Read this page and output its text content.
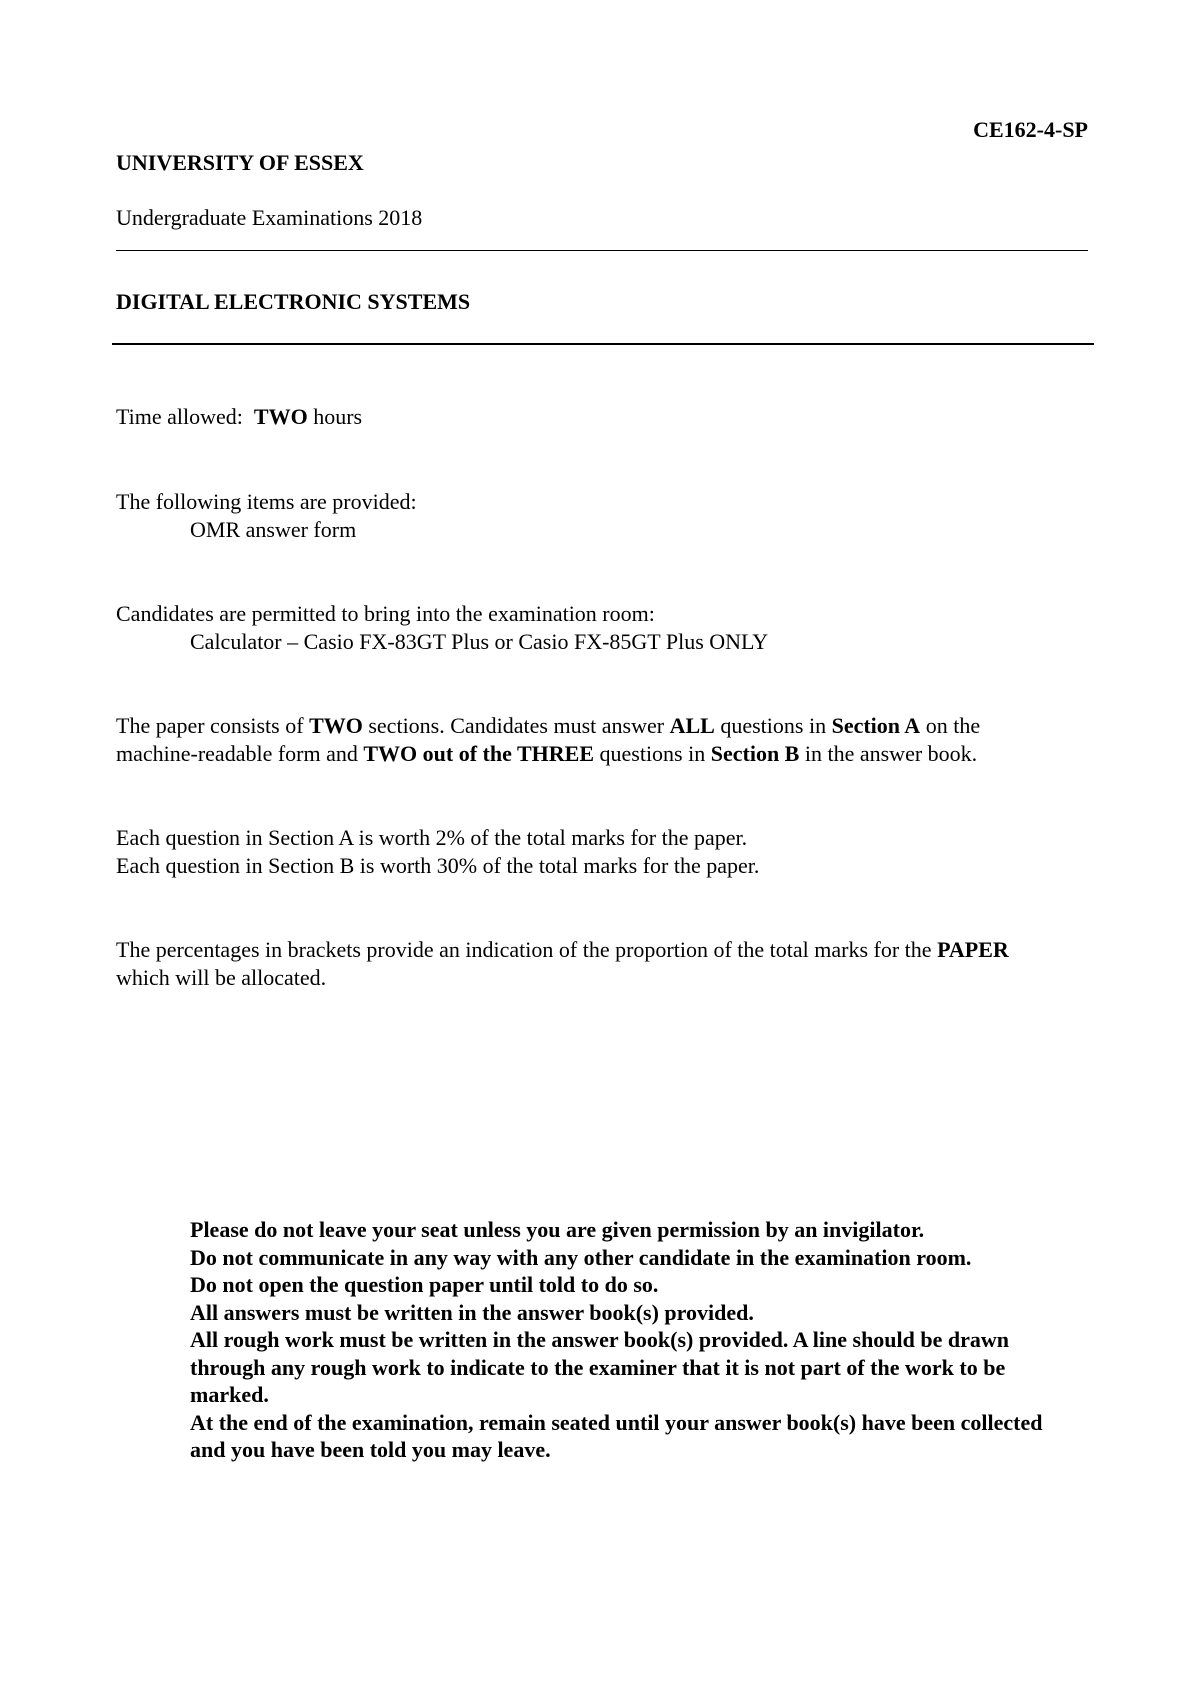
CE162-4-SP
UNIVERSITY OF ESSEX
Undergraduate Examinations 2018
DIGITAL ELECTRONIC SYSTEMS
Time allowed: TWO hours
The following items are provided:
OMR answer form
Candidates are permitted to bring into the examination room:
Calculator – Casio FX-83GT Plus or Casio FX-85GT Plus ONLY
The paper consists of TWO sections. Candidates must answer ALL questions in Section A on the
machine-readable form and TWO out of the THREE questions in Section B in the answer book.
Each question in Section A is worth 2% of the total marks for the paper.
Each question in Section B is worth 30% of the total marks for the paper.
The percentages in brackets provide an indication of the proportion of the total marks for the PAPER
which will be allocated.
Please do not leave your seat unless you are given permission by an invigilator.
Do not communicate in any way with any other candidate in the examination room.
Do not open the question paper until told to do so.
All answers must be written in the answer book(s) provided.
All rough work must be written in the answer book(s) provided. A line should be drawn
through any rough work to indicate to the examiner that it is not part of the work to be
marked.
At the end of the examination, remain seated until your answer book(s) have been collected
and you have been told you may leave.
